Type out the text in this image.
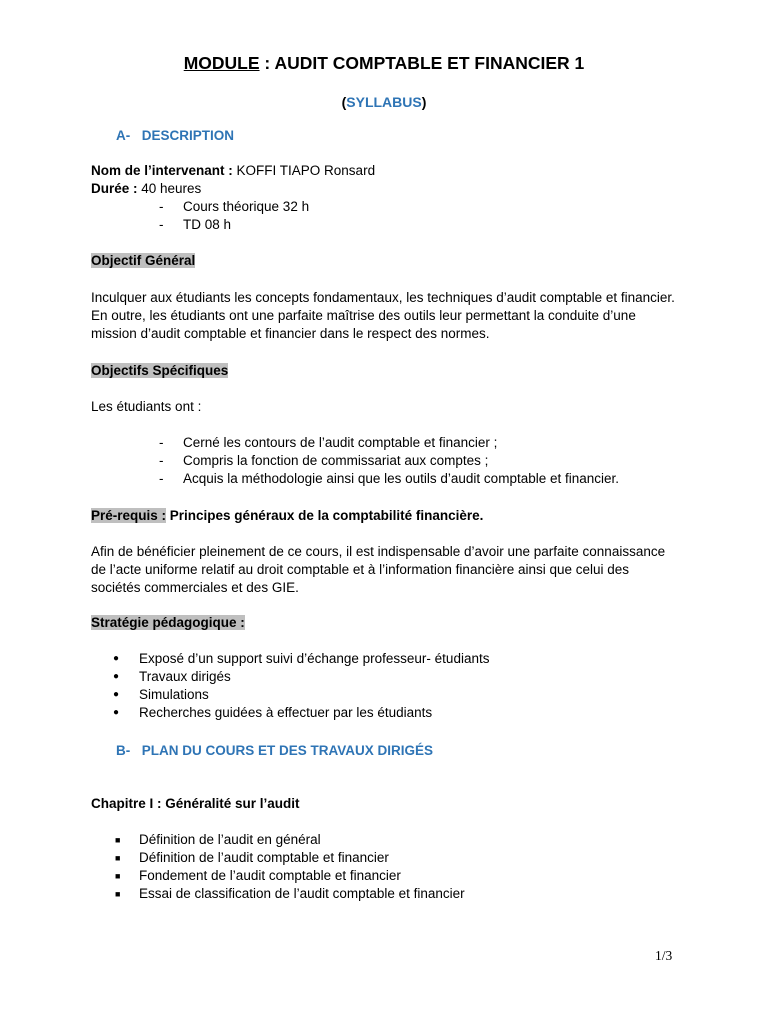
MODULE : AUDIT COMPTABLE ET FINANCIER 1
(SYLLABUS)
A- DESCRIPTION
Nom de l’intervenant : KOFFI TIAPO Ronsard
Durée : 40 heures
-	Cours théorique 32 h
-	TD 08 h
Objectif Général
Inculquer aux étudiants les concepts fondamentaux, les techniques d’audit comptable et financier. En outre, les étudiants ont une parfaite maîtrise des outils leur permettant la conduite d’une mission d’audit comptable et financier dans le respect des normes.
Objectifs Spécifiques
Les étudiants ont :
-	Cerné les contours de l’audit comptable et financier ;
-	Compris la fonction de commissariat aux comptes ;
-	Acquis la méthodologie ainsi que les outils d’audit comptable et financier.
Pré-requis : Principes généraux de la comptabilité financière.
Afin de bénéficier pleinement de ce cours, il est indispensable d’avoir une parfaite connaissance de l’acte uniforme relatif au droit comptable et à l’information financière ainsi que celui des sociétés commerciales et des GIE.
Stratégie pédagogique :
● Exposé d’un support suivi d’échange professeur- étudiants
● Travaux dirigés
● Simulations
● Recherches guidées à effectuer par les étudiants
B- PLAN DU COURS ET DES TRAVAUX DIRIGÉS
Chapitre I : Généralité sur l’audit
■ Définition de l’audit en général
■ Définition de l’audit comptable et financier
■ Fondement de l’audit comptable et financier
■ Essai de classification de l’audit comptable et financier
1/3
